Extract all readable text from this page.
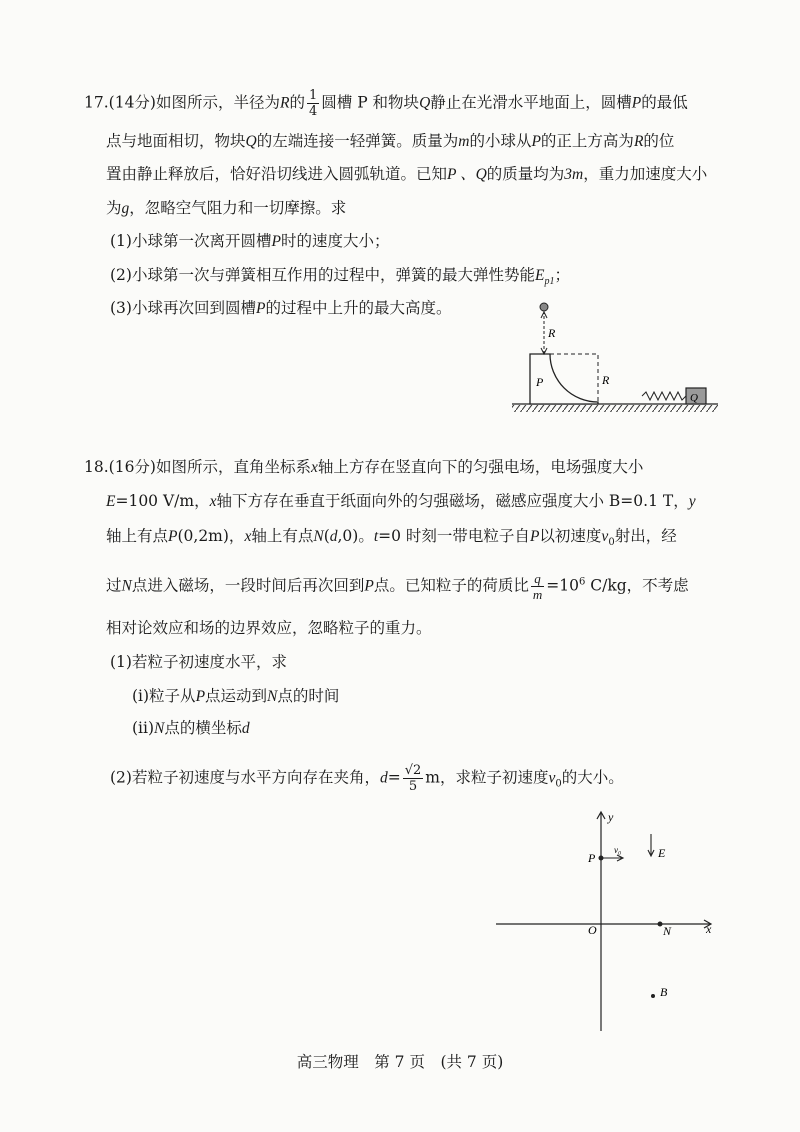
17.(14分)如图所示，半径为R的 $\frac{1}{4}$ 圆槽 P 和物块Q静止在光滑水平地面上，圆槽P的最低
点与地面相切，物块Q的左端连接一轻弹簧。质量为m的小球从P的正上方高为R的位
置由静止释放后，恰好沿切线进入圆弧轨道。已知P 、Q的质量均为3m，重力加速度大小
为g，忽略空气阻力和一切摩擦。求
(1)小球第一次离开圆槽P时的速度大小；
(2)小球第一次与弹簧相互作用的过程中，弹簧的最大弹性势能$E_{p1}$；
(3)小球再次回到圆槽P的过程中上升的最大高度。
R
P	R
Q
18.(16分)如图所示，直角坐标系x轴上方存在竖直向下的匀强电场，电场强度大小
E=100 V/m，x轴下方存在垂直于纸面向外的匀强磁场，磁感应强度大小 B=0.1 T，y
轴上有点P(0,2m)，x轴上有点N(d,0)。t=0 时刻一带电粒子自P以初速度$v_0$射出，经
过N点进入磁场，一段时间后再次回到P点。已知粒子的荷质比 $\frac{q}{m} =10^6$ C/kg，不考虑
相对论效应和场的边界效应，忽略粒子的重力。
(1)若粒子初速度水平，求
(i)粒子从P点运动到N点的时间
(ii)N点的横坐标d
(2)若粒子初速度与水平方向存在夹角，$d= \frac{√2}{5}$ m，求粒子初速度$v_0$的大小。
x
y
O
P
v₀	E
N
B
高三物理　第 7 页　(共 7 页)
